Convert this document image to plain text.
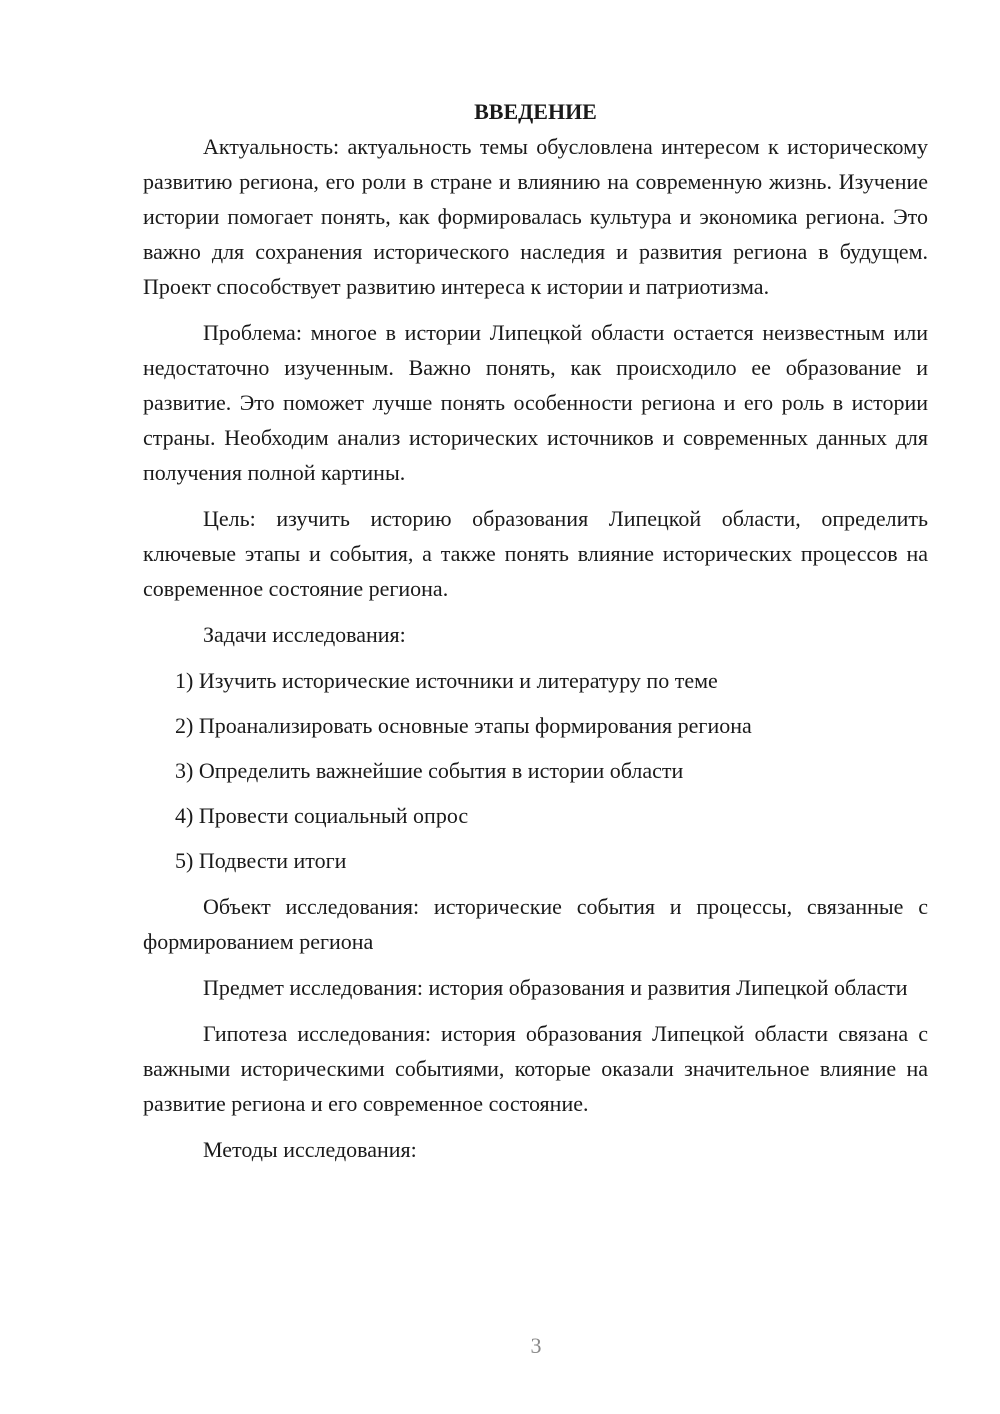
ВВЕДЕНИЕ

Актуальность: актуальность темы обусловлена интересом к историческому развитию региона, его роли в стране и влиянию на современную жизнь. Изучение истории помогает понять, как формировалась культура и экономика региона. Это важно для сохранения исторического наследия и развития региона в будущем. Проект способствует развитию интереса к истории и патриотизма.

Проблема: многое в истории Липецкой области остается неизвестным или недостаточно изученным. Важно понять, как происходило ее образование и развитие. Это поможет лучше понять особенности региона и его роль в истории страны. Необходим анализ исторических источников и современных данных для получения полной картины.

Цель: изучить историю образования Липецкой области, определить ключевые этапы и события, а также понять влияние исторических процессов на современное состояние региона.

Задачи исследования:

1) Изучить исторические источники и литературу по теме
2) Проанализировать основные этапы формирования региона
3) Определить важнейшие события в истории области
4) Провести социальный опрос
5) Подвести итоги

Объект исследования: исторические события и процессы, связанные с формированием региона

Предмет исследования: история образования и развития Липецкой области

Гипотеза исследования: история образования Липецкой области связана с важными историческими событиями, которые оказали значительное влияние на развитие региона и его современное состояние.

Методы исследования:

3
